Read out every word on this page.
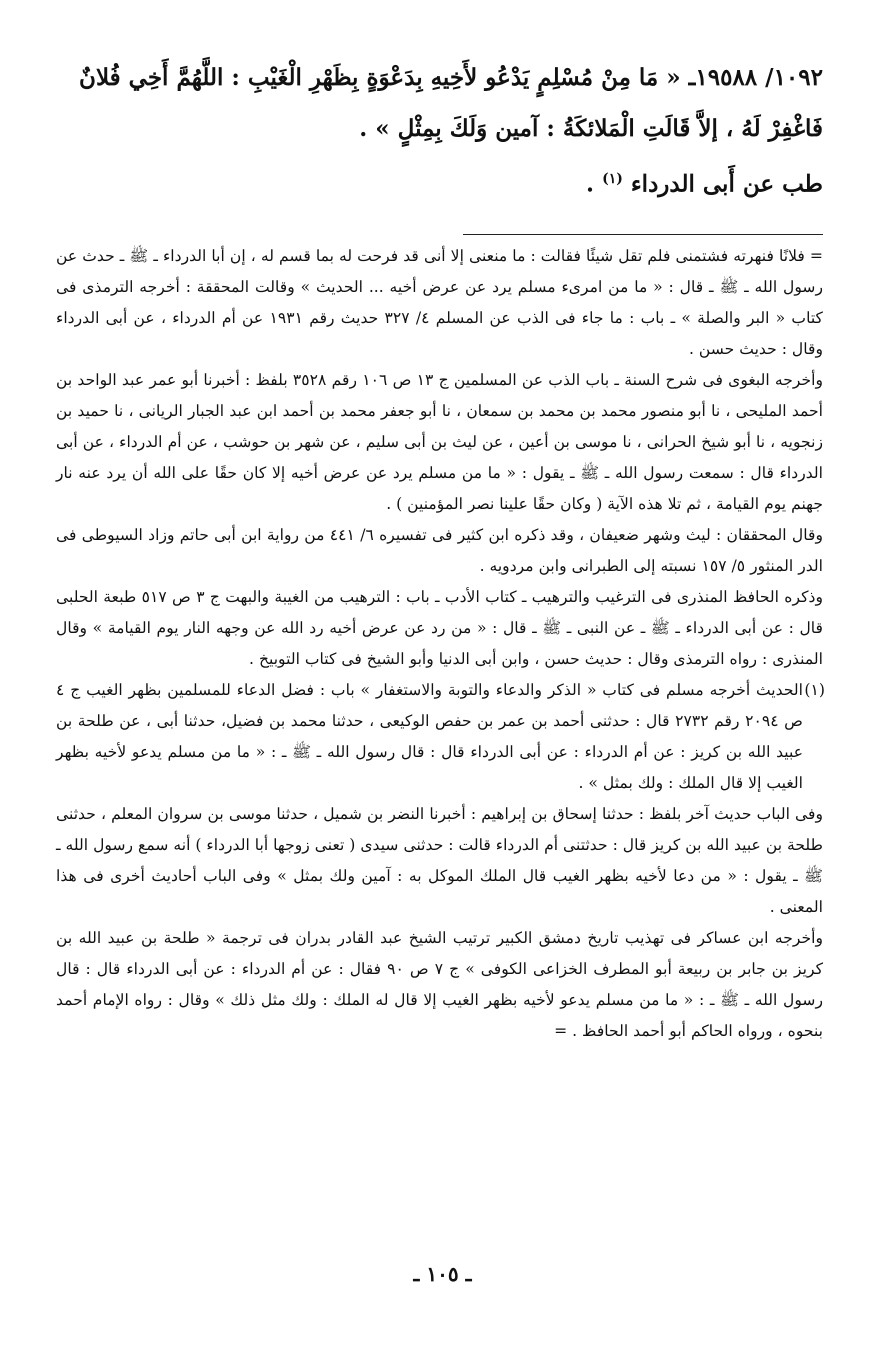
١٠٩٢/ ١٩٥٨٨ـ « مَا مِنْ مُسْلِمٍ يَدْعُو لأَخِيهِ بِدَعْوَةٍ بِظَهْرِ الْغَيْبِ : اللَّهُمَّ أَخِي فُلانٌ

فَاغْفِرْ لَهُ ، إلاَّ قَالَتِ الْمَلائكَةُ : آمين وَلَكَ بِمِثْلٍ » .

طب عن أَبى الدرداء $^{(١)}$ .

= فلانًا فنهرته فشتمنى فلم تقل شيئًا فقالت : ما منعنى إلا أنى قد فرحت له بما قسم له ، إن أبا الدرداء ـ ﷺ ـ حدث عن رسول الله ـ ﷺ ـ قال : « ما من امرىء مسلم يرد عن عرض أخيه ... الحديث » وقالت المحققة : أخرجه الترمذى فى كتاب « البر والصلة » ـ باب : ما جاء فى الذب عن المسلم ٤/ ٣٢٧ حديث رقم ١٩٣١ عن أم الدرداء ، عن أبى الدرداء وقال : حديث حسن .

وأخرجه البغوى فى شرح السنة ـ باب الذب عن المسلمين ج ١٣ ص ١٠٦ رقم ٣٥٢٨ بلفظ : أخبرنا أبو عمر عبد الواحد بن أحمد المليحى ، نا أبو منصور محمد بن محمد بن سمعان ، نا أبو جعفر محمد بن أحمد ابن عبد الجبار الريانى ، نا حميد بن زنجويه ، نا أبو شيخ الحرانى ، نا موسى بن أعين ، عن ليث بن أبى سليم ، عن شهر بن حوشب ، عن أم الدرداء ، عن أبى الدرداء قال : سمعت رسول الله ـ ﷺ ـ يقول : « ما من مسلم يرد عن عرض أخيه إلا كان حقًا على الله أن يرد عنه نار جهنم يوم القيامة ، ثم تلا هذه الآية ( وكان حقًا علينا نصر المؤمنين ) .

وقال المحققان : ليث وشهر ضعيفان ، وقد ذكره ابن كثير فى تفسيره ٦/ ٤٤١ من رواية ابن أبى حاتم وزاد السيوطى فى الدر المنثور ٥/ ١٥٧ نسبته إلى الطبرانى وابن مردويه .

وذكره الحافظ المنذرى فى الترغيب والترهيب ـ كتاب الأدب ـ باب : الترهيب من الغيبة والبهت ج ٣ ص ٥١٧ طبعة الحلبى قال : عن أبى الدرداء ـ ﷺ ـ عن النبى ـ ﷺ ـ قال : « من رد عن عرض أخيه رد الله عن وجهه النار يوم القيامة » وقال المنذرى : رواه الترمذى وقال : حديث حسن ، وابن أبى الدنيا وأبو الشيخ فى كتاب التوبيخ .

(١)
الحديث أخرجه مسلم فى كتاب « الذكر والدعاء والتوبة والاستغفار » باب : فضل الدعاء للمسلمين بظهر الغيب ج ٤ ص ٢٠٩٤ رقم ٢٧٣٢ قال : حدثنى أحمد بن عمر بن حفص الوكيعى ، حدثنا محمد بن فضيل، حدثنا أبى ، عن طلحة بن عبيد الله بن كريز : عن أم الدرداء : عن أبى الدرداء قال : قال رسول الله ـ ﷺ ـ : « ما من مسلم يدعو لأخيه بظهر الغيب إلا قال الملك : ولك بمثل » .

وفى الباب حديث آخر بلفظ : حدثنا إسحاق بن إبراهيم : أخبرنا النضر بن شميل ، حدثنا موسى بن سروان المعلم ، حدثنى طلحة بن عبيد الله بن كريز قال : حدثتنى أم الدرداء قالت : حدثنى سيدى ( تعنى زوجها أبا الدرداء ) أنه سمع رسول الله ـ ﷺ ـ يقول : « من دعا لأخيه بظهر الغيب قال الملك الموكل به : آمين ولك بمثل » وفى الباب أحاديث أخرى فى هذا المعنى .

وأخرجه ابن عساكر فى تهذيب تاريخ دمشق الكبير ترتيب الشيخ عبد القادر بدران فى ترجمة « طلحة بن عبيد الله بن كريز بن جابر بن ربيعة أبو المطرف الخزاعى الكوفى » ج ٧ ص ٩٠ فقال : عن أم الدرداء : عن أبى الدرداء قال : قال رسول الله ـ ﷺ ـ : « ما من مسلم يدعو لأخيه بظهر الغيب إلا قال له الملك : ولك مثل ذلك » وقال : رواه الإمام أحمد بنحوه ، ورواه الحاكم أبو أحمد الحافظ . =

ـ ١٠٥ ـ
